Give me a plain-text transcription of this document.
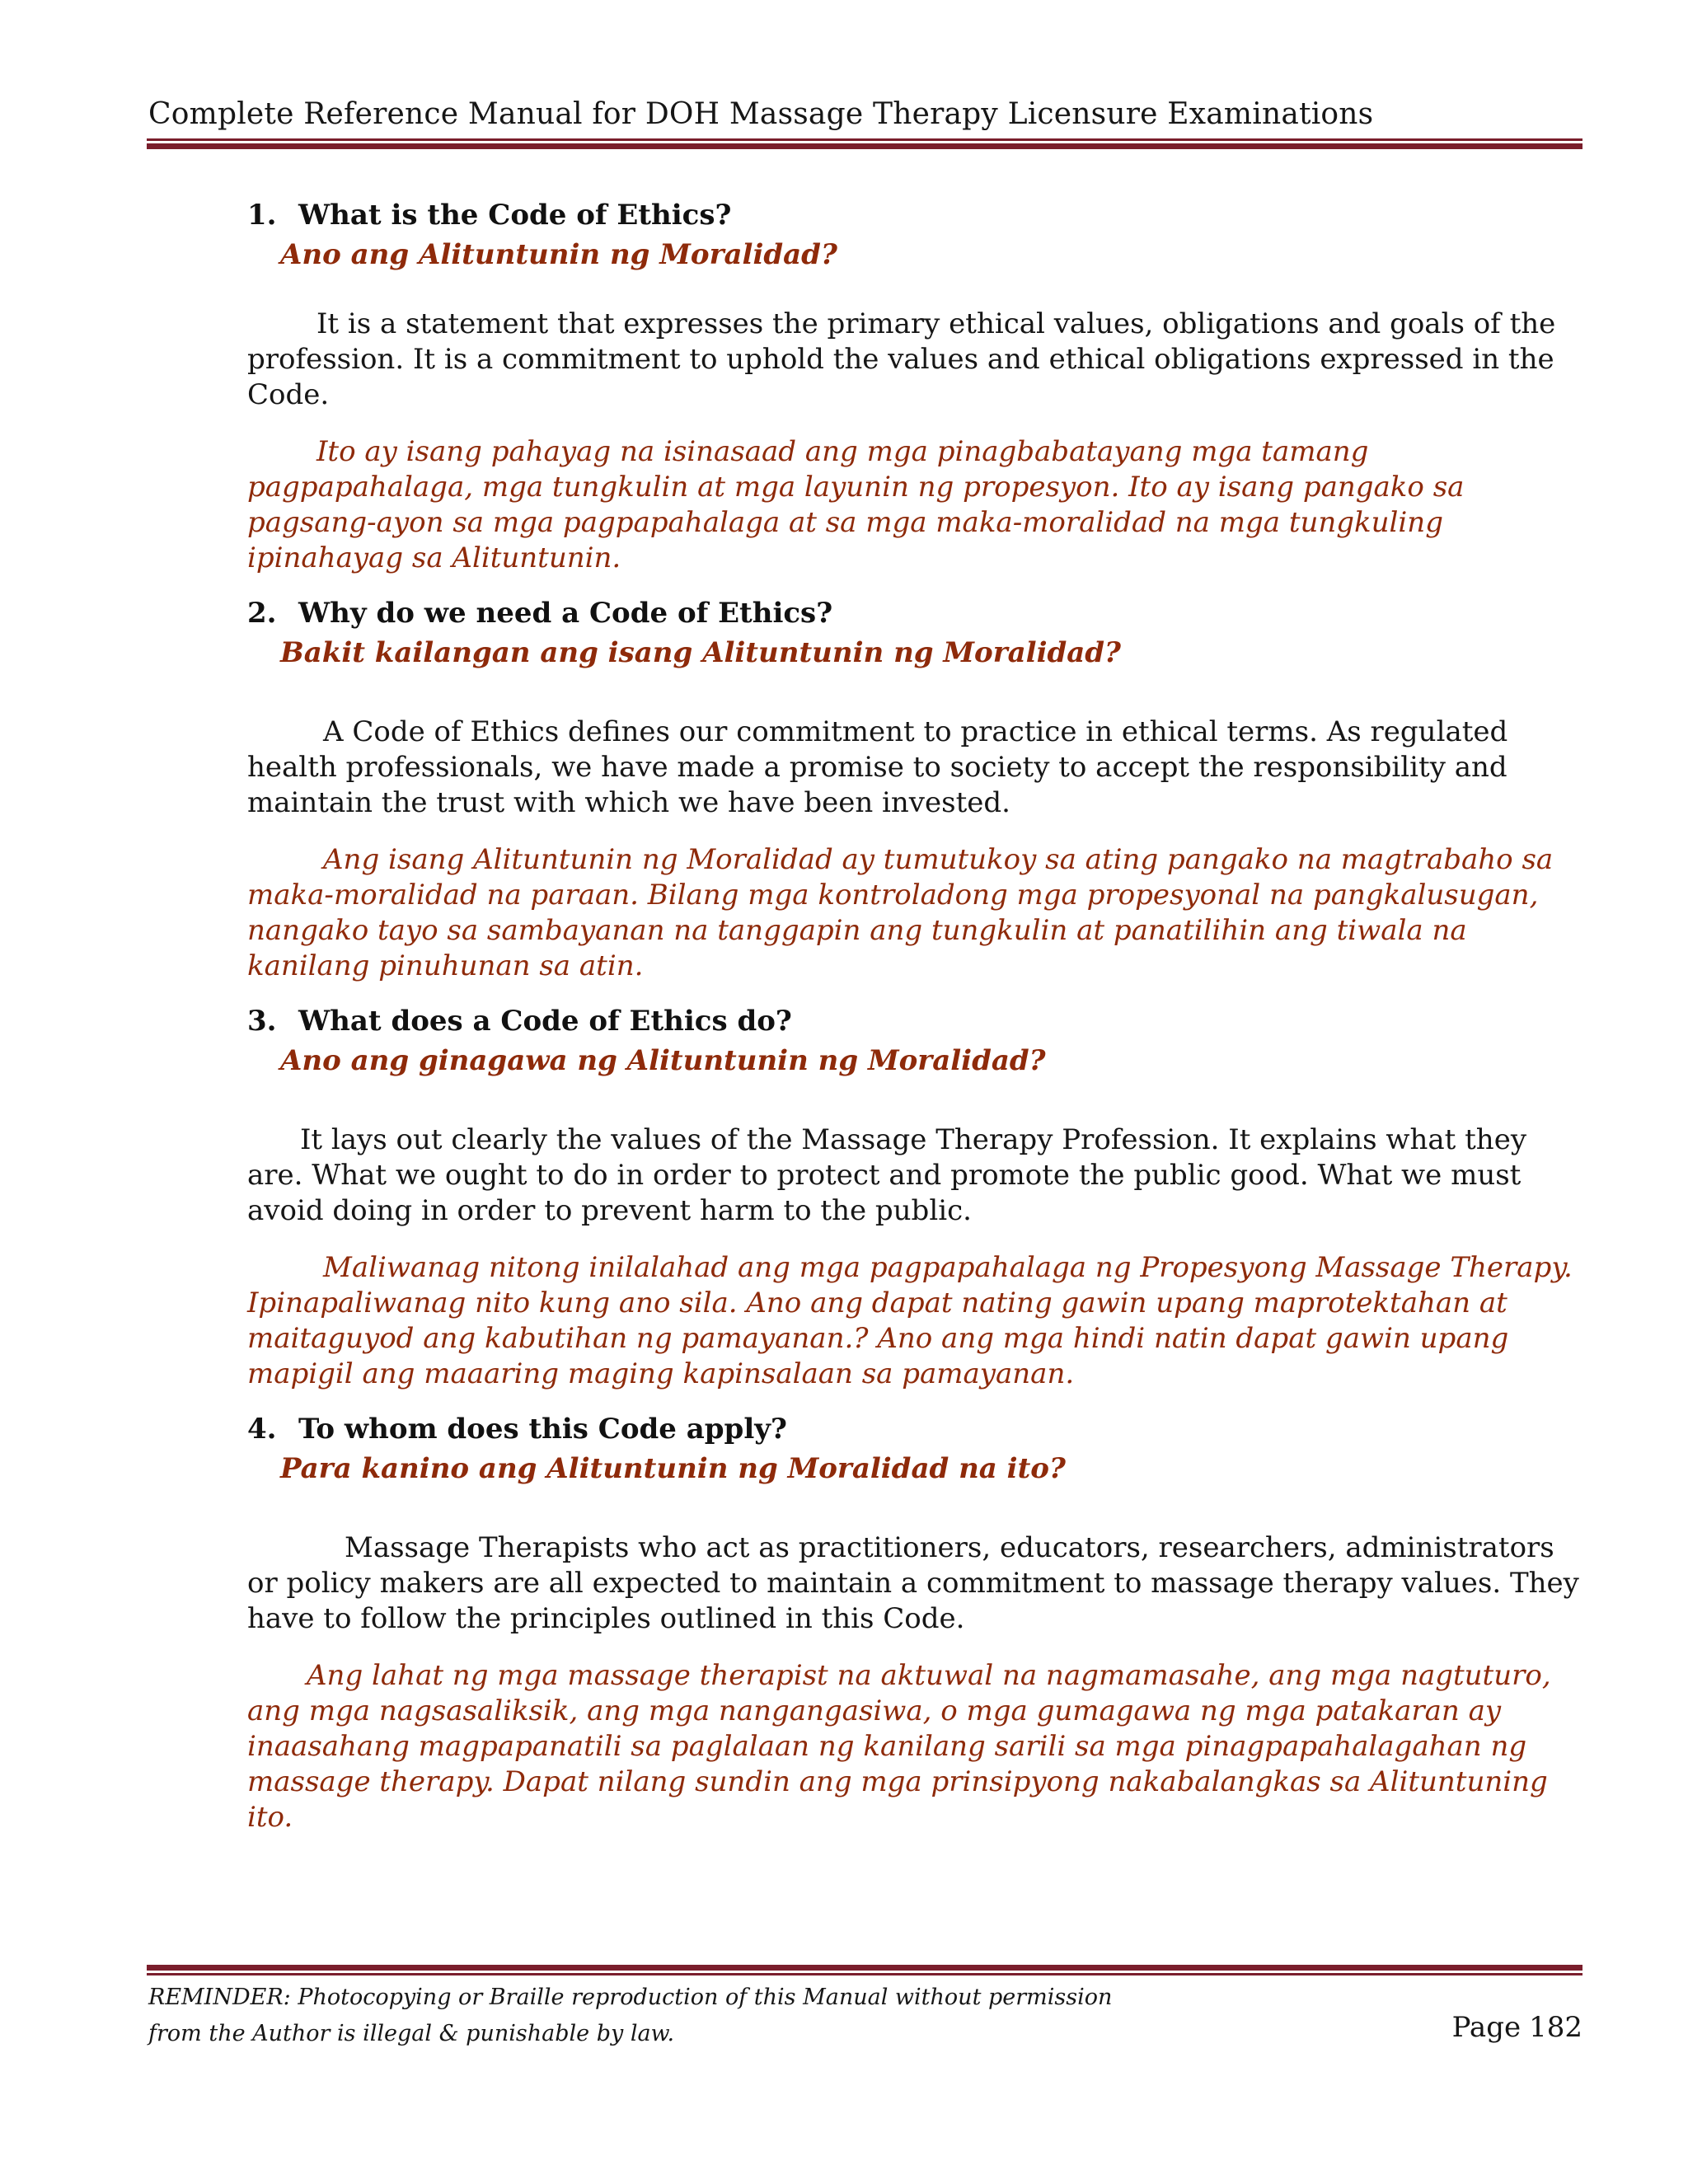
Complete Reference Manual for DOH Massage Therapy Licensure Examinations
1. What is the Code of Ethics?
Ano ang Alituntunin ng Moralidad?

It is a statement that expresses the primary ethical values, obligations and goals of the profession. It is a commitment to uphold the values and ethical obligations expressed in the Code.

Ito ay isang pahayag na isinasaad ang mga pinagbabatayang mga tamang pagpapahalaga, mga tungkulin at mga layunin ng propesyon. Ito ay isang pangako sa pagsang-ayon sa mga pagpapahalaga at sa mga maka-moralidad na mga tungkuling ipinahayag sa Alituntunin.

2. Why do we need a Code of Ethics?
Bakit kailangan ang isang Alituntunin ng Moralidad?

A Code of Ethics defines our commitment to practice in ethical terms. As regulated health professionals, we have made a promise to society to accept the responsibility and maintain the trust with which we have been invested.

Ang isang Alituntunin ng Moralidad ay tumutukoy sa ating pangako na magtrabaho sa maka-moralidad na paraan. Bilang mga kontroladong mga propesyonal na pangkalusugan, nangako tayo sa sambayanan na tanggapin ang tungkulin at panatilihin ang tiwala na kanilang pinuhunan sa atin.

3. What does a Code of Ethics do?
Ano ang ginagawa ng Alituntunin ng Moralidad?

It lays out clearly the values of the Massage Therapy Profession. It explains what they are. What we ought to do in order to protect and promote the public good. What we must avoid doing in order to prevent harm to the public.

Maliwanag nitong inilalahad ang mga pagpapahalaga ng Propesyong Massage Therapy. Ipinapaliwanag nito kung ano sila. Ano ang dapat nating gawin upang maprotektahan at maitaguyod ang kabutihan ng pamayanan.? Ano ang mga hindi natin dapat gawin upang mapigil ang maaaring maging kapinsalaan sa pamayanan.

4. To whom does this Code apply?
Para kanino ang Alituntunin ng Moralidad na ito?

Massage Therapists who act as practitioners, educators, researchers, administrators or policy makers are all expected to maintain a commitment to massage therapy values. They have to follow the principles outlined in this Code.

Ang lahat ng mga massage therapist na aktuwal na nagmamasahe, ang mga nagtuturo, ang mga nagsasaliksik, ang mga nangangasiwa, o mga gumagawa ng mga patakaran ay inaasahang magpapanatili sa paglalaan ng kanilang sarili sa mga pinagpapahalagahan ng massage therapy. Dapat nilang sundin ang mga prinsipyong nakabalangkas sa Alituntuning ito.

REMINDER: Photocopying or Braille reproduction of this Manual without permission
from the Author is illegal & punishable by law.	Page 182
